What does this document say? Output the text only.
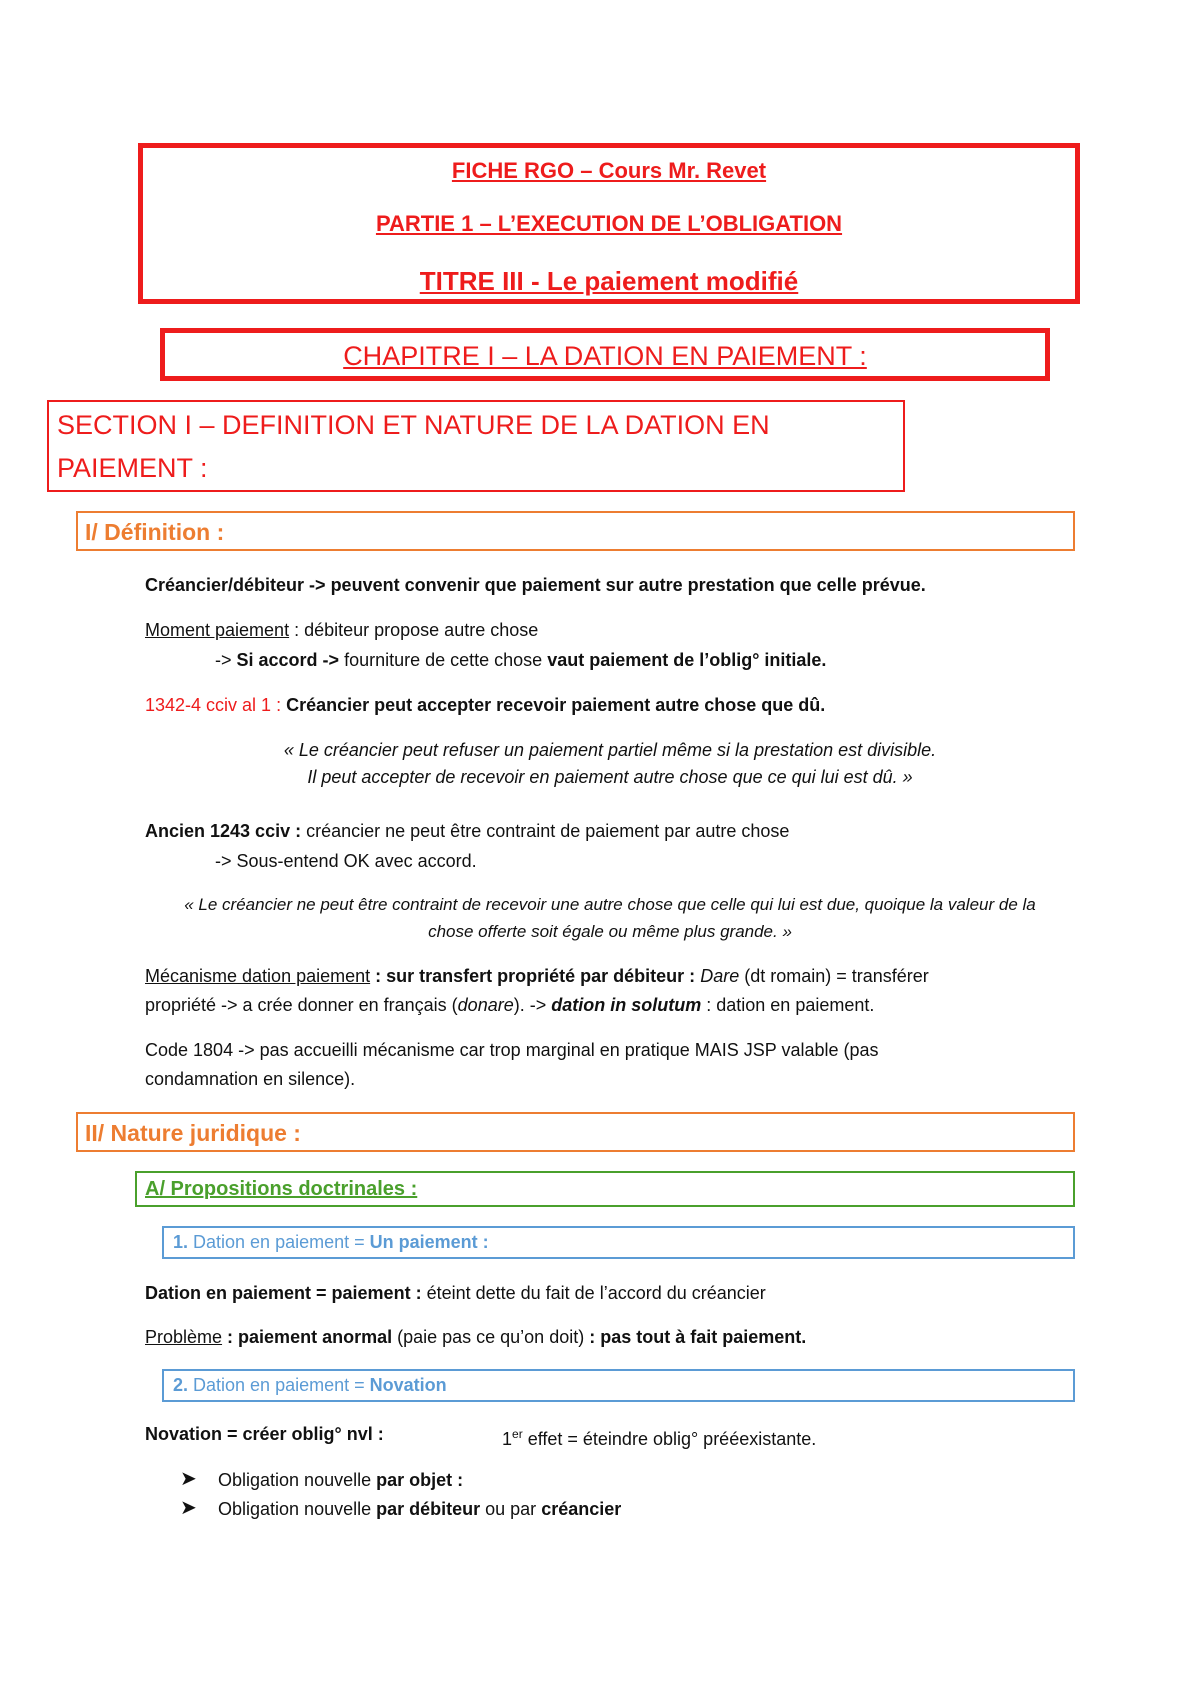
FICHE RGO – Cours Mr. Revet
PARTIE 1 – L’EXECUTION DE L’OBLIGATION
TITRE III - Le paiement modifié
CHAPITRE I – LA DATION EN PAIEMENT :
SECTION I – DEFINITION ET NATURE DE LA DATION EN
PAIEMENT :
I/ Définition :
Créancier/débiteur -> peuvent convenir que paiement sur autre prestation que celle prévue.
Moment paiement : débiteur propose autre chose
-> Si accord -> fourniture de cette chose vaut paiement de l’oblig° initiale.
1342-4 cciv al 1 : Créancier peut accepter recevoir paiement autre chose que dû.
« Le créancier peut refuser un paiement partiel même si la prestation est divisible.
Il peut accepter de recevoir en paiement autre chose que ce qui lui est dû. »
Ancien 1243 cciv : créancier ne peut être contraint de paiement par autre chose
-> Sous-entend OK avec accord.
« Le créancier ne peut être contraint de recevoir une autre chose que celle qui lui est due, quoique la valeur de la
chose offerte soit égale ou même plus grande. »
Mécanisme dation paiement : sur transfert propriété par débiteur : Dare (dt romain) = transférer
propriété -> a crée donner en français (donare). -> dation in solutum : dation en paiement.
Code 1804 -> pas accueilli mécanisme car trop marginal en pratique MAIS JSP valable (pas
condamnation en silence).
II/ Nature juridique :
A/ Propositions doctrinales :
1. Dation en paiement = Un paiement :
Dation en paiement = paiement : éteint dette du fait de l’accord du créancier
Problème : paiement anormal (paie pas ce qu’on doit) : pas tout à fait paiement.
2. Dation en paiement = Novation
Novation = créer oblig° nvl :	1er effet = éteindre oblig° prééexistante.
➤ Obligation nouvelle par objet :
➤ Obligation nouvelle par débiteur ou par créancier
